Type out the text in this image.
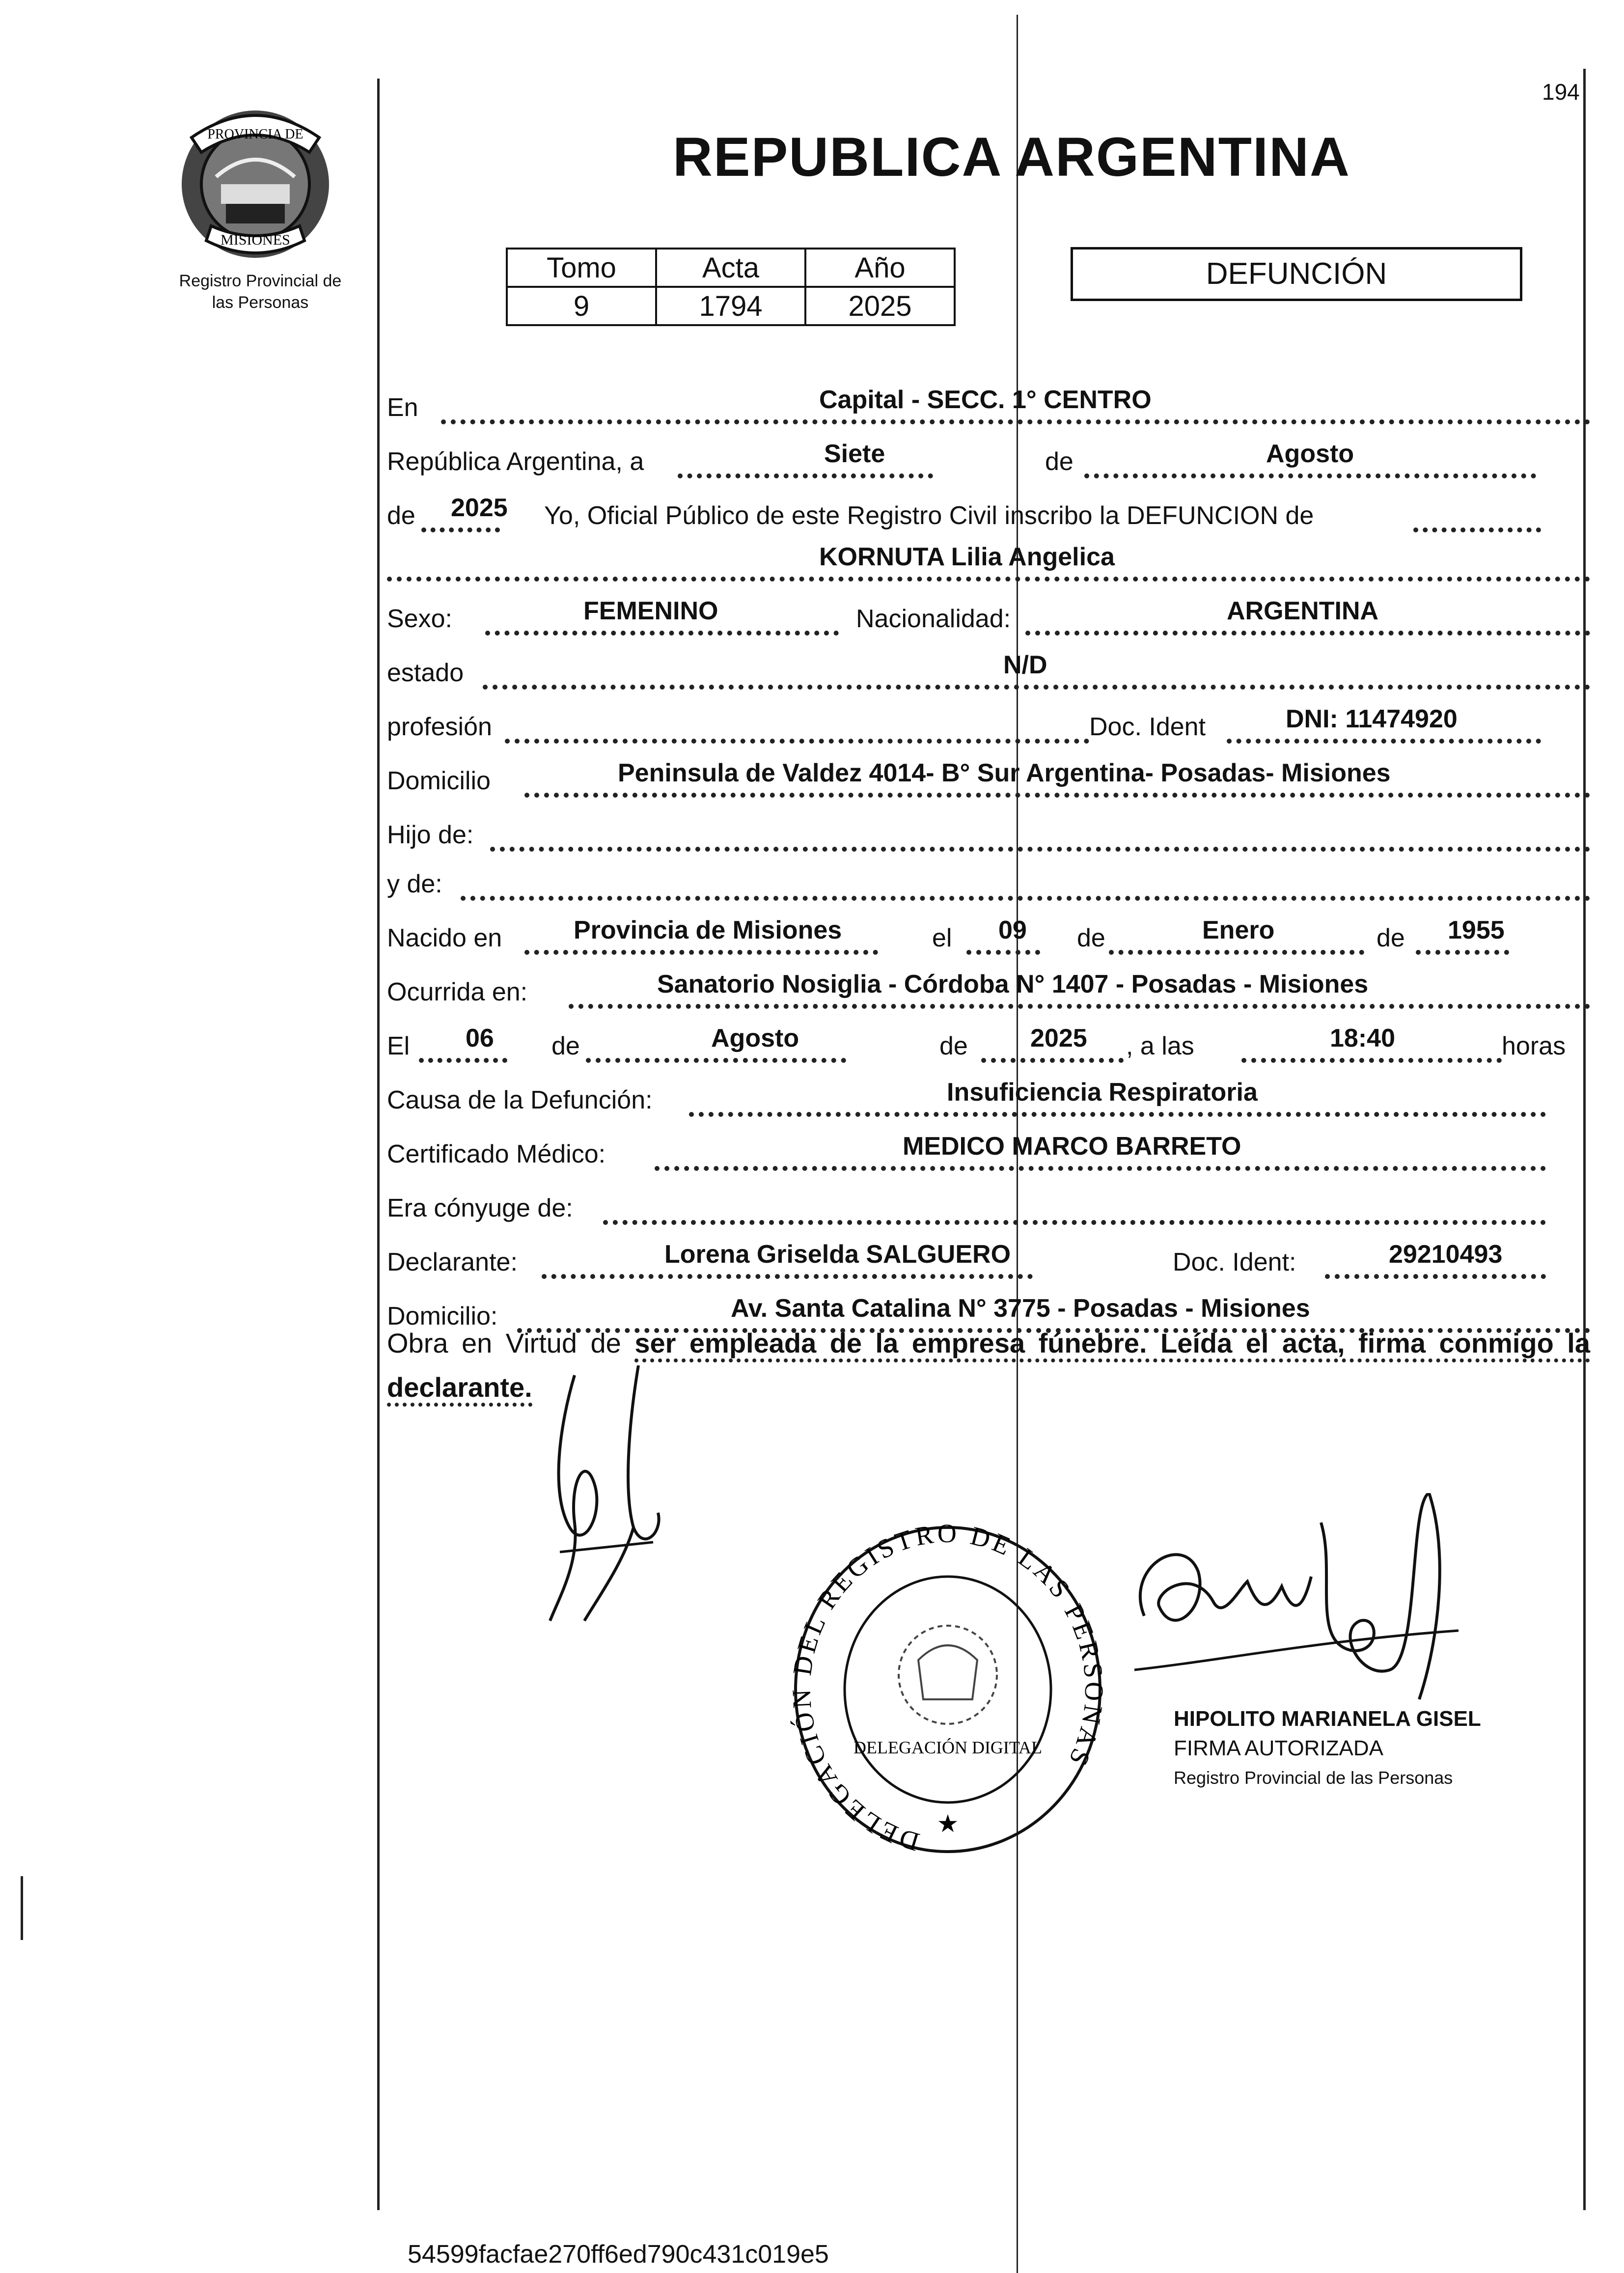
PROVINCIA DE
MISIONES
Registro Provincial de
las Personas
194
REPUBLICA ARGENTINA
Tomo	Acta	Año
9	1794	2025
DEFUNCIÓN
En	Capital - SECC. 1° CENTRO
República Argentina, a	Siete	de	Agosto
de 2025 Yo, Oficial Público de este Registro Civil inscribo la DEFUNCION de
KORNUTA Lilia Angelica
Sexo:	FEMENINO	Nacionalidad:	ARGENTINA
estado	N/D
profesión	Doc. Ident	DNI: 11474920
Domicilio	Peninsula de Valdez 4014- B° Sur Argentina- Posadas- Misiones
Hijo de:
y de:
Nacido en	Provincia de Misiones	el 09 de	Enero	de 1955
Ocurrida en:	Sanatorio Nosiglia - Córdoba N° 1407 - Posadas - Misiones
El 06 de	Agosto	de 2025 , a las	18:40	horas
Causa de la Defunción:	Insuficiencia Respiratoria
Certificado Médico:	MEDICO MARCO BARRETO
Era cónyuge de:
Declarante:	Lorena Griselda SALGUERO	Doc. Ident:	29210493
Domicilio:	Av. Santa Catalina N° 3775 - Posadas - Misiones
Obra en Virtud de ser empleada de la empresa fúnebre. Leída el acta, firma conmigo la declarante.
DELEGACIÓN DEL REGISTRO DE LAS PERSONAS
DELEGACIÓN DIGITAL
★
HIPOLITO MARIANELA GISEL
FIRMA AUTORIZADA
Registro Provincial de las Personas
54599facfae270ff6ed790c431c019e5
